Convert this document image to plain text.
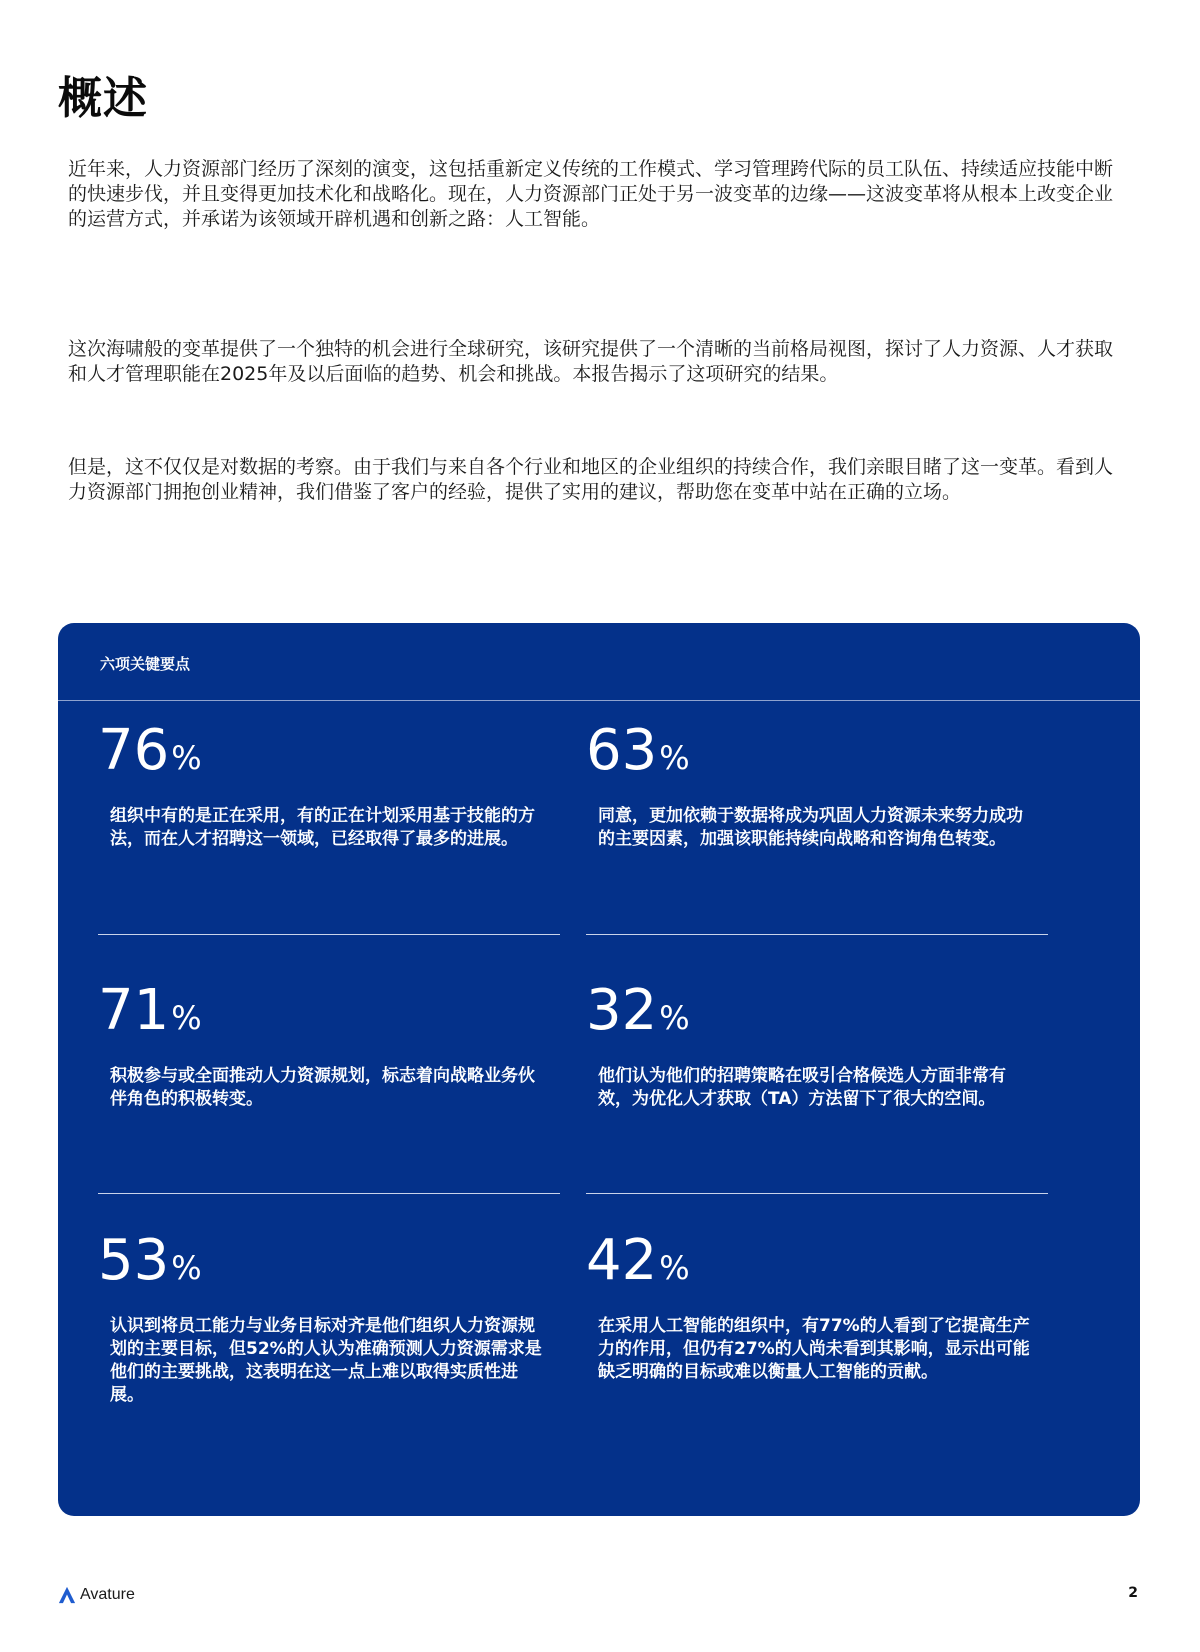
概述

近年来，人力资源部门经历了深刻的演变，这包括重新定义传统的工作模式、学习管理跨代际的员工队伍、持续适应技能中断的快速步伐，并且变得更加技术化和战略化。现在，人力资源部门正处于另一波变革的边缘——这波变革将从根本上改变企业的运营方式，并承诺为该领域开辟机遇和创新之路：人工智能。

这次海啸般的变革提供了一个独特的机会进行全球研究，该研究提供了一个清晰的当前格局视图，探讨了人力资源、人才获取和人才管理职能在2025年及以后面临的趋势、机会和挑战。本报告揭示了这项研究的结果。

但是，这不仅仅是对数据的考察。由于我们与来自各个行业和地区的企业组织的持续合作，我们亲眼目睹了这一变革。看到人力资源部门拥抱创业精神，我们借鉴了客户的经验，提供了实用的建议，帮助您在变革中站在正确的立场。

六项关键要点
76%
组织中有的是正在采用，有的正在计划采用基于技能的方法，而在人才招聘这一领域，已经取得了最多的进展。
63%
同意，更加依赖于数据将成为巩固人力资源未来努力成功的主要因素，加强该职能持续向战略和咨询角色转变。
71%
积极参与或全面推动人力资源规划，标志着向战略业务伙伴角色的积极转变。
32%
他们认为他们的招聘策略在吸引合格候选人方面非常有效，为优化人才获取（TA）方法留下了很大的空间。
53%
认识到将员工能力与业务目标对齐是他们组织人力资源规划的主要目标，但52%的人认为准确预测人力资源需求是他们的主要挑战，这表明在这一点上难以取得实质性进展。
42%
在采用人工智能的组织中，有77%的人看到了它提高生产力的作用，但仍有27%的人尚未看到其影响，显示出可能缺乏明确的目标或难以衡量人工智能的贡献。
Avature	2
